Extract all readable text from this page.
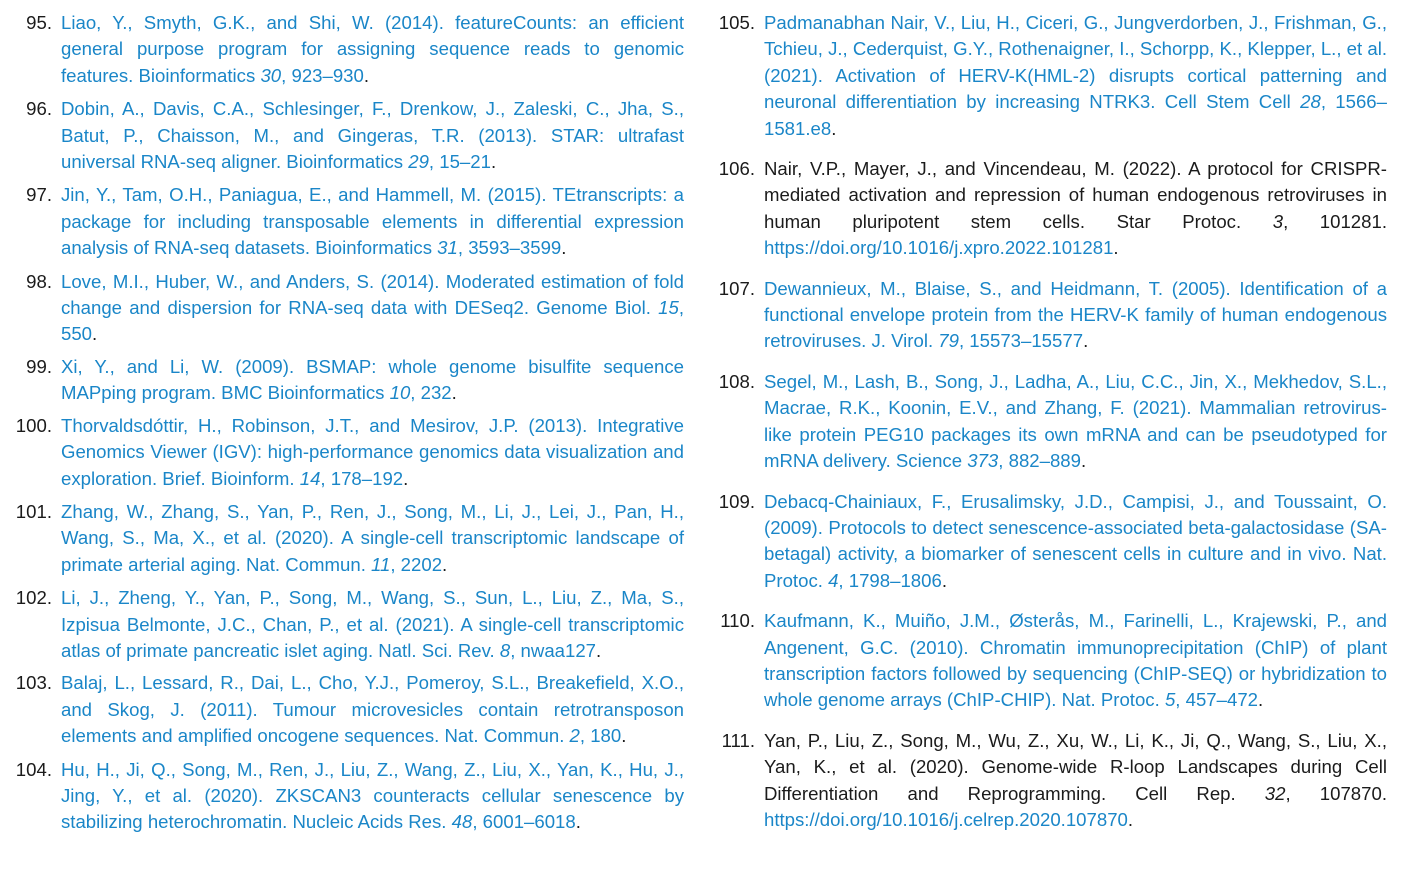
95. Liao, Y., Smyth, G.K., and Shi, W. (2014). featureCounts: an efficient general purpose program for assigning sequence reads to genomic features. Bioinformatics 30, 923–930.
96. Dobin, A., Davis, C.A., Schlesinger, F., Drenkow, J., Zaleski, C., Jha, S., Batut, P., Chaisson, M., and Gingeras, T.R. (2013). STAR: ultrafast universal RNA-seq aligner. Bioinformatics 29, 15–21.
97. Jin, Y., Tam, O.H., Paniagua, E., and Hammell, M. (2015). TEtranscripts: a package for including transposable elements in differential expression analysis of RNA-seq datasets. Bioinformatics 31, 3593–3599.
98. Love, M.I., Huber, W., and Anders, S. (2014). Moderated estimation of fold change and dispersion for RNA-seq data with DESeq2. Genome Biol. 15, 550.
99. Xi, Y., and Li, W. (2009). BSMAP: whole genome bisulfite sequence MAPping program. BMC Bioinformatics 10, 232.
100. Thorvaldsdóttir, H., Robinson, J.T., and Mesirov, J.P. (2013). Integrative Genomics Viewer (IGV): high-performance genomics data visualization and exploration. Brief. Bioinform. 14, 178–192.
101. Zhang, W., Zhang, S., Yan, P., Ren, J., Song, M., Li, J., Lei, J., Pan, H., Wang, S., Ma, X., et al. (2020). A single-cell transcriptomic landscape of primate arterial aging. Nat. Commun. 11, 2202.
102. Li, J., Zheng, Y., Yan, P., Song, M., Wang, S., Sun, L., Liu, Z., Ma, S., Izpisua Belmonte, J.C., Chan, P., et al. (2021). A single-cell transcriptomic atlas of primate pancreatic islet aging. Natl. Sci. Rev. 8, nwaa127.
103. Balaj, L., Lessard, R., Dai, L., Cho, Y.J., Pomeroy, S.L., Breakefield, X.O., and Skog, J. (2011). Tumour microvesicles contain retrotransposon elements and amplified oncogene sequences. Nat. Commun. 2, 180.
104. Hu, H., Ji, Q., Song, M., Ren, J., Liu, Z., Wang, Z., Liu, X., Yan, K., Hu, J., Jing, Y., et al. (2020). ZKSCAN3 counteracts cellular senescence by stabilizing heterochromatin. Nucleic Acids Res. 48, 6001–6018.
105. Padmanabhan Nair, V., Liu, H., Ciceri, G., Jungverdorben, J., Frishman, G., Tchieu, J., Cederquist, G.Y., Rothenaigner, I., Schorpp, K., Klepper, L., et al. (2021). Activation of HERV-K(HML-2) disrupts cortical patterning and neuronal differentiation by increasing NTRK3. Cell Stem Cell 28, 1566–1581.e8.
106. Nair, V.P., Mayer, J., and Vincendeau, M. (2022). A protocol for CRISPR-mediated activation and repression of human endogenous retroviruses in human pluripotent stem cells. Star Protoc. 3, 101281. https://doi.org/10.1016/j.xpro.2022.101281.
107. Dewannieux, M., Blaise, S., and Heidmann, T. (2005). Identification of a functional envelope protein from the HERV-K family of human endogenous retroviruses. J. Virol. 79, 15573–15577.
108. Segel, M., Lash, B., Song, J., Ladha, A., Liu, C.C., Jin, X., Mekhedov, S.L., Macrae, R.K., Koonin, E.V., and Zhang, F. (2021). Mammalian retrovirus-like protein PEG10 packages its own mRNA and can be pseudotyped for mRNA delivery. Science 373, 882–889.
109. Debacq-Chainiaux, F., Erusalimsky, J.D., Campisi, J., and Toussaint, O. (2009). Protocols to detect senescence-associated beta-galactosidase (SA-betagal) activity, a biomarker of senescent cells in culture and in vivo. Nat. Protoc. 4, 1798–1806.
110. Kaufmann, K., Muiño, J.M., Østerås, M., Farinelli, L., Krajewski, P., and Angenent, G.C. (2010). Chromatin immunoprecipitation (ChIP) of plant transcription factors followed by sequencing (ChIP-SEQ) or hybridization to whole genome arrays (ChIP-CHIP). Nat. Protoc. 5, 457–472.
111. Yan, P., Liu, Z., Song, M., Wu, Z., Xu, W., Li, K., Ji, Q., Wang, S., Liu, X., Yan, K., et al. (2020). Genome-wide R-loop Landscapes during Cell Differentiation and Reprogramming. Cell Rep. 32, 107870. https://doi.org/10.1016/j.celrep.2020.107870.
